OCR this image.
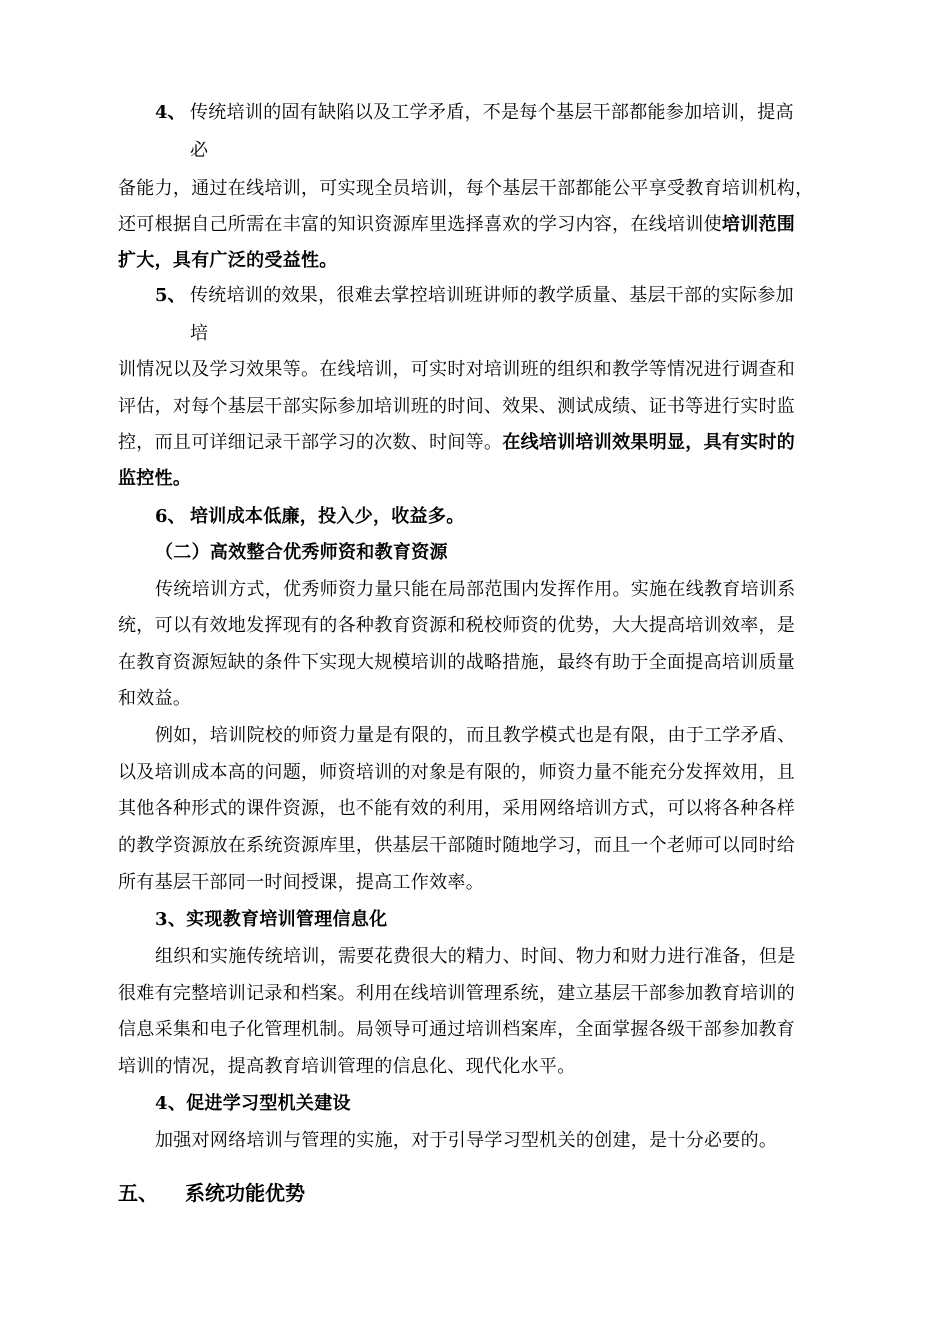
4、 传统培训的固有缺陷以及工学矛盾，不是每个基层干部都能参加培训，提高
必
备能力，通过在线培训，可实现全员培训，每个基层干部都能公平享受教育培训机构，
还可根据自己所需在丰富的知识资源库里选择喜欢的学习内容，在线培训使培训范围
扩大，具有广泛的受益性。
5、 传统培训的效果，很难去掌控培训班讲师的教学质量、基层干部的实际参加
培
训情况以及学习效果等。在线培训，可实时对培训班的组织和教学等情况进行调查和
评估，对每个基层干部实际参加培训班的时间、效果、测试成绩、证书等进行实时监
控，而且可详细记录干部学习的次数、时间等。在线培训培训效果明显，具有实时的
监控性。
6、 培训成本低廉，投入少，收益多。
（二）高效整合优秀师资和教育资源
传统培训方式，优秀师资力量只能在局部范围内发挥作用。实施在线教育培训系
统，可以有效地发挥现有的各种教育资源和税校师资的优势，大大提高培训效率，是
在教育资源短缺的条件下实现大规模培训的战略措施，最终有助于全面提高培训质量
和效益。
例如，培训院校的师资力量是有限的，而且教学模式也是有限，由于工学矛盾、
以及培训成本高的问题，师资培训的对象是有限的，师资力量不能充分发挥效用，且
其他各种形式的课件资源，也不能有效的利用，采用网络培训方式，可以将各种各样
的教学资源放在系统资源库里，供基层干部随时随地学习，而且一个老师可以同时给
所有基层干部同一时间授课，提高工作效率。
3、实现教育培训管理信息化
组织和实施传统培训，需要花费很大的精力、时间、物力和财力进行准备，但是
很难有完整培训记录和档案。利用在线培训管理系统，建立基层干部参加教育培训的
信息采集和电子化管理机制。局领导可通过培训档案库，全面掌握各级干部参加教育
培训的情况，提高教育培训管理的信息化、现代化水平。
4、促进学习型机关建设
加强对网络培训与管理的实施，对于引导学习型机关的创建，是十分必要的。
五、 系统功能优势
